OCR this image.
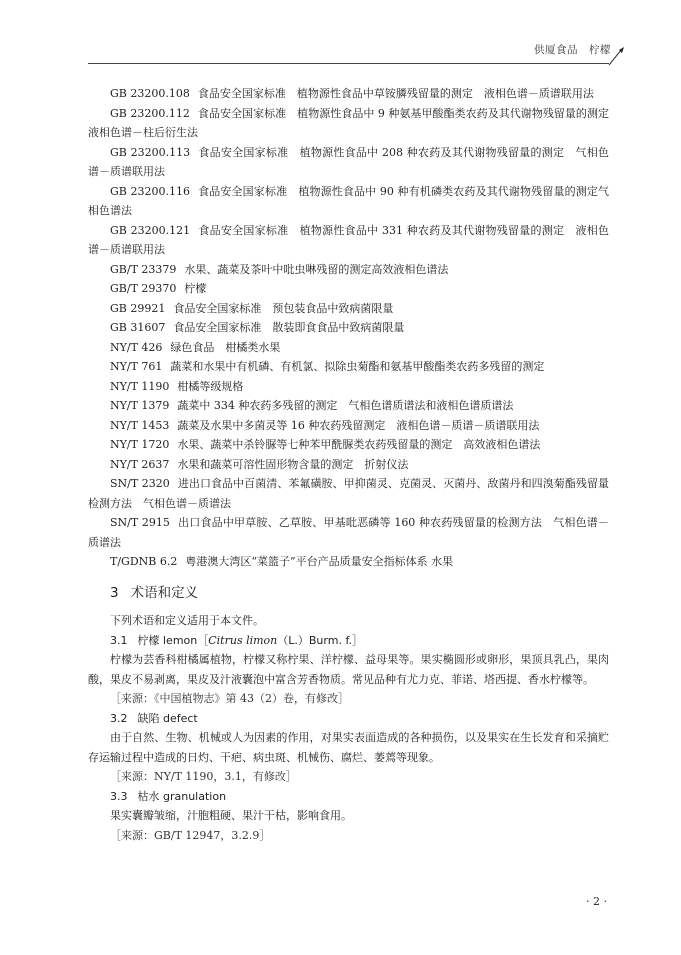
供厦食品　柠檬

GB 23200.108 食品安全国家标准　植物源性食品中草铵膦残留量的测定　液相色谱－质谱联用法

GB 23200.112 食品安全国家标准　植物源性食品中 9 种氨基甲酸酯类农药及其代谢物残留量的测定液相色谱－柱后衍生法

GB 23200.113 食品安全国家标准　植物源性食品中 208 种农药及其代谢物残留量的测定　气相色谱－质谱联用法

GB 23200.116 食品安全国家标准　植物源性食品中 90 种有机磷类农药及其代谢物残留量的测定气相色谱法

GB 23200.121 食品安全国家标准　植物源性食品中 331 种农药及其代谢物残留量的测定　液相色谱－质谱联用法

GB/T 23379 水果、蔬菜及茶叶中吡虫啉残留的测定高效液相色谱法

GB/T 29370 柠檬

GB 29921 食品安全国家标准　预包装食品中致病菌限量

GB 31607 食品安全国家标准　散装即食食品中致病菌限量

NY/T 426 绿色食品　柑橘类水果

NY/T 761 蔬菜和水果中有机磷、有机氯、拟除虫菊酯和氨基甲酸酯类农药多残留的测定

NY/T 1190 柑橘等级规格

NY/T 1379 蔬菜中 334 种农药多残留的测定　气相色谱质谱法和液相色谱质谱法

NY/T 1453 蔬菜及水果中多菌灵等 16 种农药残留测定　液相色谱－质谱－质谱联用法

NY/T 1720 水果、蔬菜中杀铃脲等七种苯甲酰脲类农药残留量的测定　高效液相色谱法

NY/T 2637 水果和蔬菜可溶性固形物含量的测定　折射仪法

SN/T 2320 进出口食品中百菌清、苯氟磺胺、甲抑菌灵、克菌灵、灭菌丹、敌菌丹和四溴菊酯残留量检测方法　气相色谱－质谱法

SN/T 2915 出口食品中甲草胺、乙草胺、甲基吡恶磷等 160 种农药残留量的检测方法　气相色谱－质谱法

T/GDNB 6.2 粤港澳大湾区“菜篮子”平台产品质量安全指标体系 水果

3 术语和定义

下列术语和定义适用于本文件。

3.1 柠檬 lemon［Citrus limon（L.）Burm. f.］

柠檬为芸香科柑橘属植物，柠檬又称柠果、洋柠檬、益母果等。果实椭圆形或卵形，果顶具乳凸，果肉酸，果皮不易剥离，果皮及汁液囊泡中富含芳香物质。常见品种有尤力克、菲诺、塔西提、香水柠檬等。

［来源：《中国植物志》第 43（2）卷，有修改］

3.2 缺陷 defect

由于自然、生物、机械或人为因素的作用，对果实表面造成的各种损伤，以及果实在生长发育和采摘贮存运输过程中造成的日灼、干疤、病虫斑、机械伤、腐烂、萎蔫等现象。

［来源：NY/T 1190，3.1，有修改］

3.3 枯水 granulation

果实囊瓣皱缩，汁胞粗硬、果汁干枯，影响食用。

［来源：GB/T 12947，3.2.9］

· 2 ·
